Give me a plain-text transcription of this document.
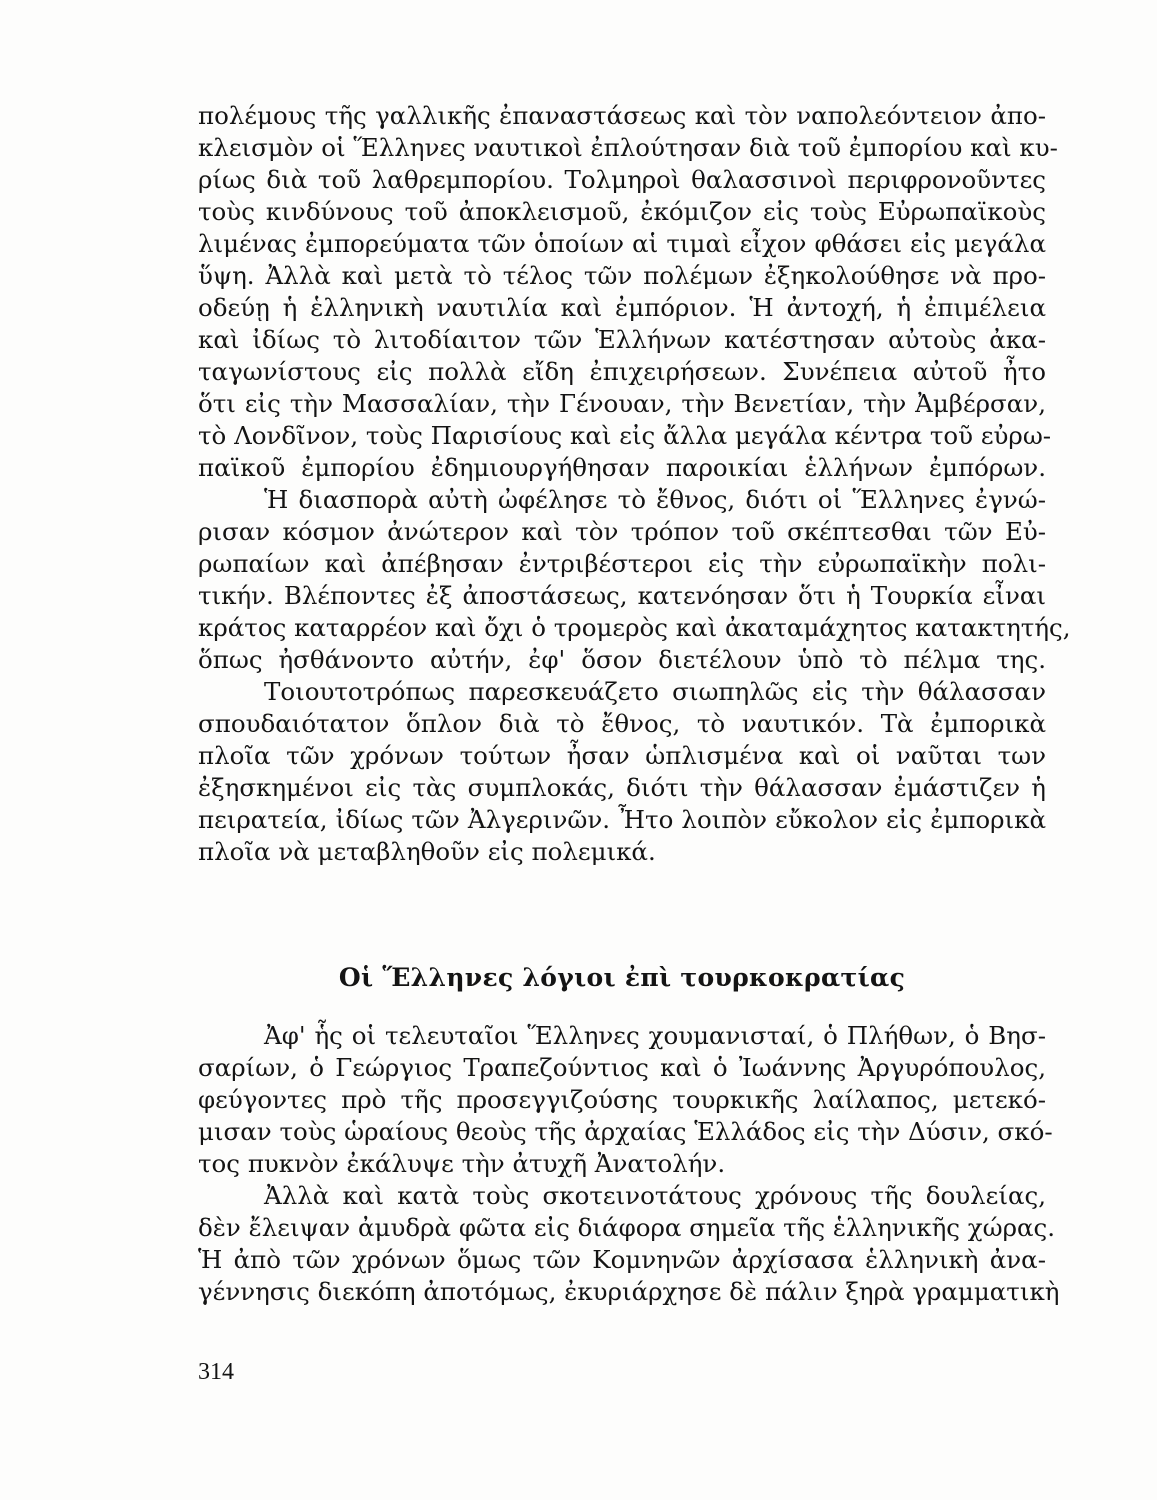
πολέμους τῆς γαλλικῆς ἐπαναστάσεως καὶ τὸν ναπολεόντειον ἀπο-
κλεισμὸν οἱ Ἕλληνες ναυτικοὶ ἐπλούτησαν διὰ τοῦ ἐμπορίου καὶ κυ-
ρίως διὰ τοῦ λαθρεμπορίου. Τολμηροὶ θαλασσινοὶ περιφρονοῦντες
τοὺς κινδύνους τοῦ ἀποκλεισμοῦ, ἐκόμιζον εἰς τοὺς Εὐρωπαϊκοὺς
λιμένας ἐμπορεύματα τῶν ὁποίων αἱ τιμαὶ εἶχον φθάσει εἰς μεγάλα
ὕψη. Ἀλλὰ καὶ μετὰ τὸ τέλος τῶν πολέμων ἐξηκολούθησε νὰ προ-
οδεύῃ ἡ ἑλληνικὴ ναυτιλία καὶ ἐμπόριον. Ἡ ἀντοχή, ἡ ἐπιμέλεια
καὶ ἰδίως τὸ λιτοδίαιτον τῶν Ἑλλήνων κατέστησαν αὐτοὺς ἀκα-
ταγωνίστους εἰς πολλὰ εἴδη ἐπιχειρήσεων. Συνέπεια αὐτοῦ ἦτο
ὅτι εἰς τὴν Μασσαλίαν, τὴν Γένουαν, τὴν Βενετίαν, τὴν Ἀμβέρσαν,
τὸ Λονδῖνον, τοὺς Παρισίους καὶ εἰς ἄλλα μεγάλα κέντρα τοῦ εὐρω-
παϊκοῦ ἐμπορίου ἐδημιουργήθησαν παροικίαι ἑλλήνων ἐμπόρων.
Ἡ διασπορὰ αὐτὴ ὠφέλησε τὸ ἔθνος, διότι οἱ Ἕλληνες ἐγνώ-
ρισαν κόσμον ἀνώτερον καὶ τὸν τρόπον τοῦ σκέπτεσθαι τῶν Εὐ-
ρωπαίων καὶ ἀπέβησαν ἐντριβέστεροι εἰς τὴν εὐρωπαϊκὴν πολι-
τικήν. Βλέποντες ἐξ ἀποστάσεως, κατενόησαν ὅτι ἡ Τουρκία εἶναι
κράτος καταρρέον καὶ ὄχι ὁ τρομερὸς καὶ ἀκαταμάχητος κατακτητής,
ὅπως ἠσθάνοντο αὐτήν, ἐφ' ὅσον διετέλουν ὑπὸ τὸ πέλμα της.
Τοιουτοτρόπως παρεσκευάζετο σιωπηλῶς εἰς τὴν θάλασσαν
σπουδαιότατον ὅπλον διὰ τὸ ἔθνος, τὸ ναυτικόν. Τὰ ἐμπορικὰ
πλοῖα τῶν χρόνων τούτων ἦσαν ὡπλισμένα καὶ οἱ ναῦται των
ἐξησκημένοι εἰς τὰς συμπλοκάς, διότι τὴν θάλασσαν ἐμάστιζεν ἡ
πειρατεία, ἰδίως τῶν Ἀλγερινῶν. Ἦτο λοιπὸν εὔκολον εἰς ἐμπορικὰ
πλοῖα νὰ μεταβληθοῦν εἰς πολεμικά.
Οἱ Ἕλληνες λόγιοι ἐπὶ τουρκοκρατίας
Ἀφ' ἧς οἱ τελευταῖοι Ἕλληνες χουμανισταί, ὁ Πλήθων, ὁ Βησ-
σαρίων, ὁ Γεώργιος Τραπεζούντιος καὶ ὁ Ἰωάννης Ἀργυρόπουλος,
φεύγοντες πρὸ τῆς προσεγγιζούσης τουρκικῆς λαίλαπος, μετεκό-
μισαν τοὺς ὡραίους θεοὺς τῆς ἀρχαίας Ἑλλάδος εἰς τὴν Δύσιν, σκό-
τος πυκνὸν ἐκάλυψε τὴν ἀτυχῆ Ἀνατολήν.
Ἀλλὰ καὶ κατὰ τοὺς σκοτεινοτάτους χρόνους τῆς δουλείας,
δὲν ἔλειψαν ἀμυδρὰ φῶτα εἰς διάφορα σημεῖα τῆς ἑλληνικῆς χώρας.
Ἡ ἀπὸ τῶν χρόνων ὅμως τῶν Κομνηνῶν ἀρχίσασα ἑλληνικὴ ἀνα-
γέννησις διεκόπη ἀποτόμως, ἐκυριάρχησε δὲ πάλιν ξηρὰ γραμματικὴ
314
